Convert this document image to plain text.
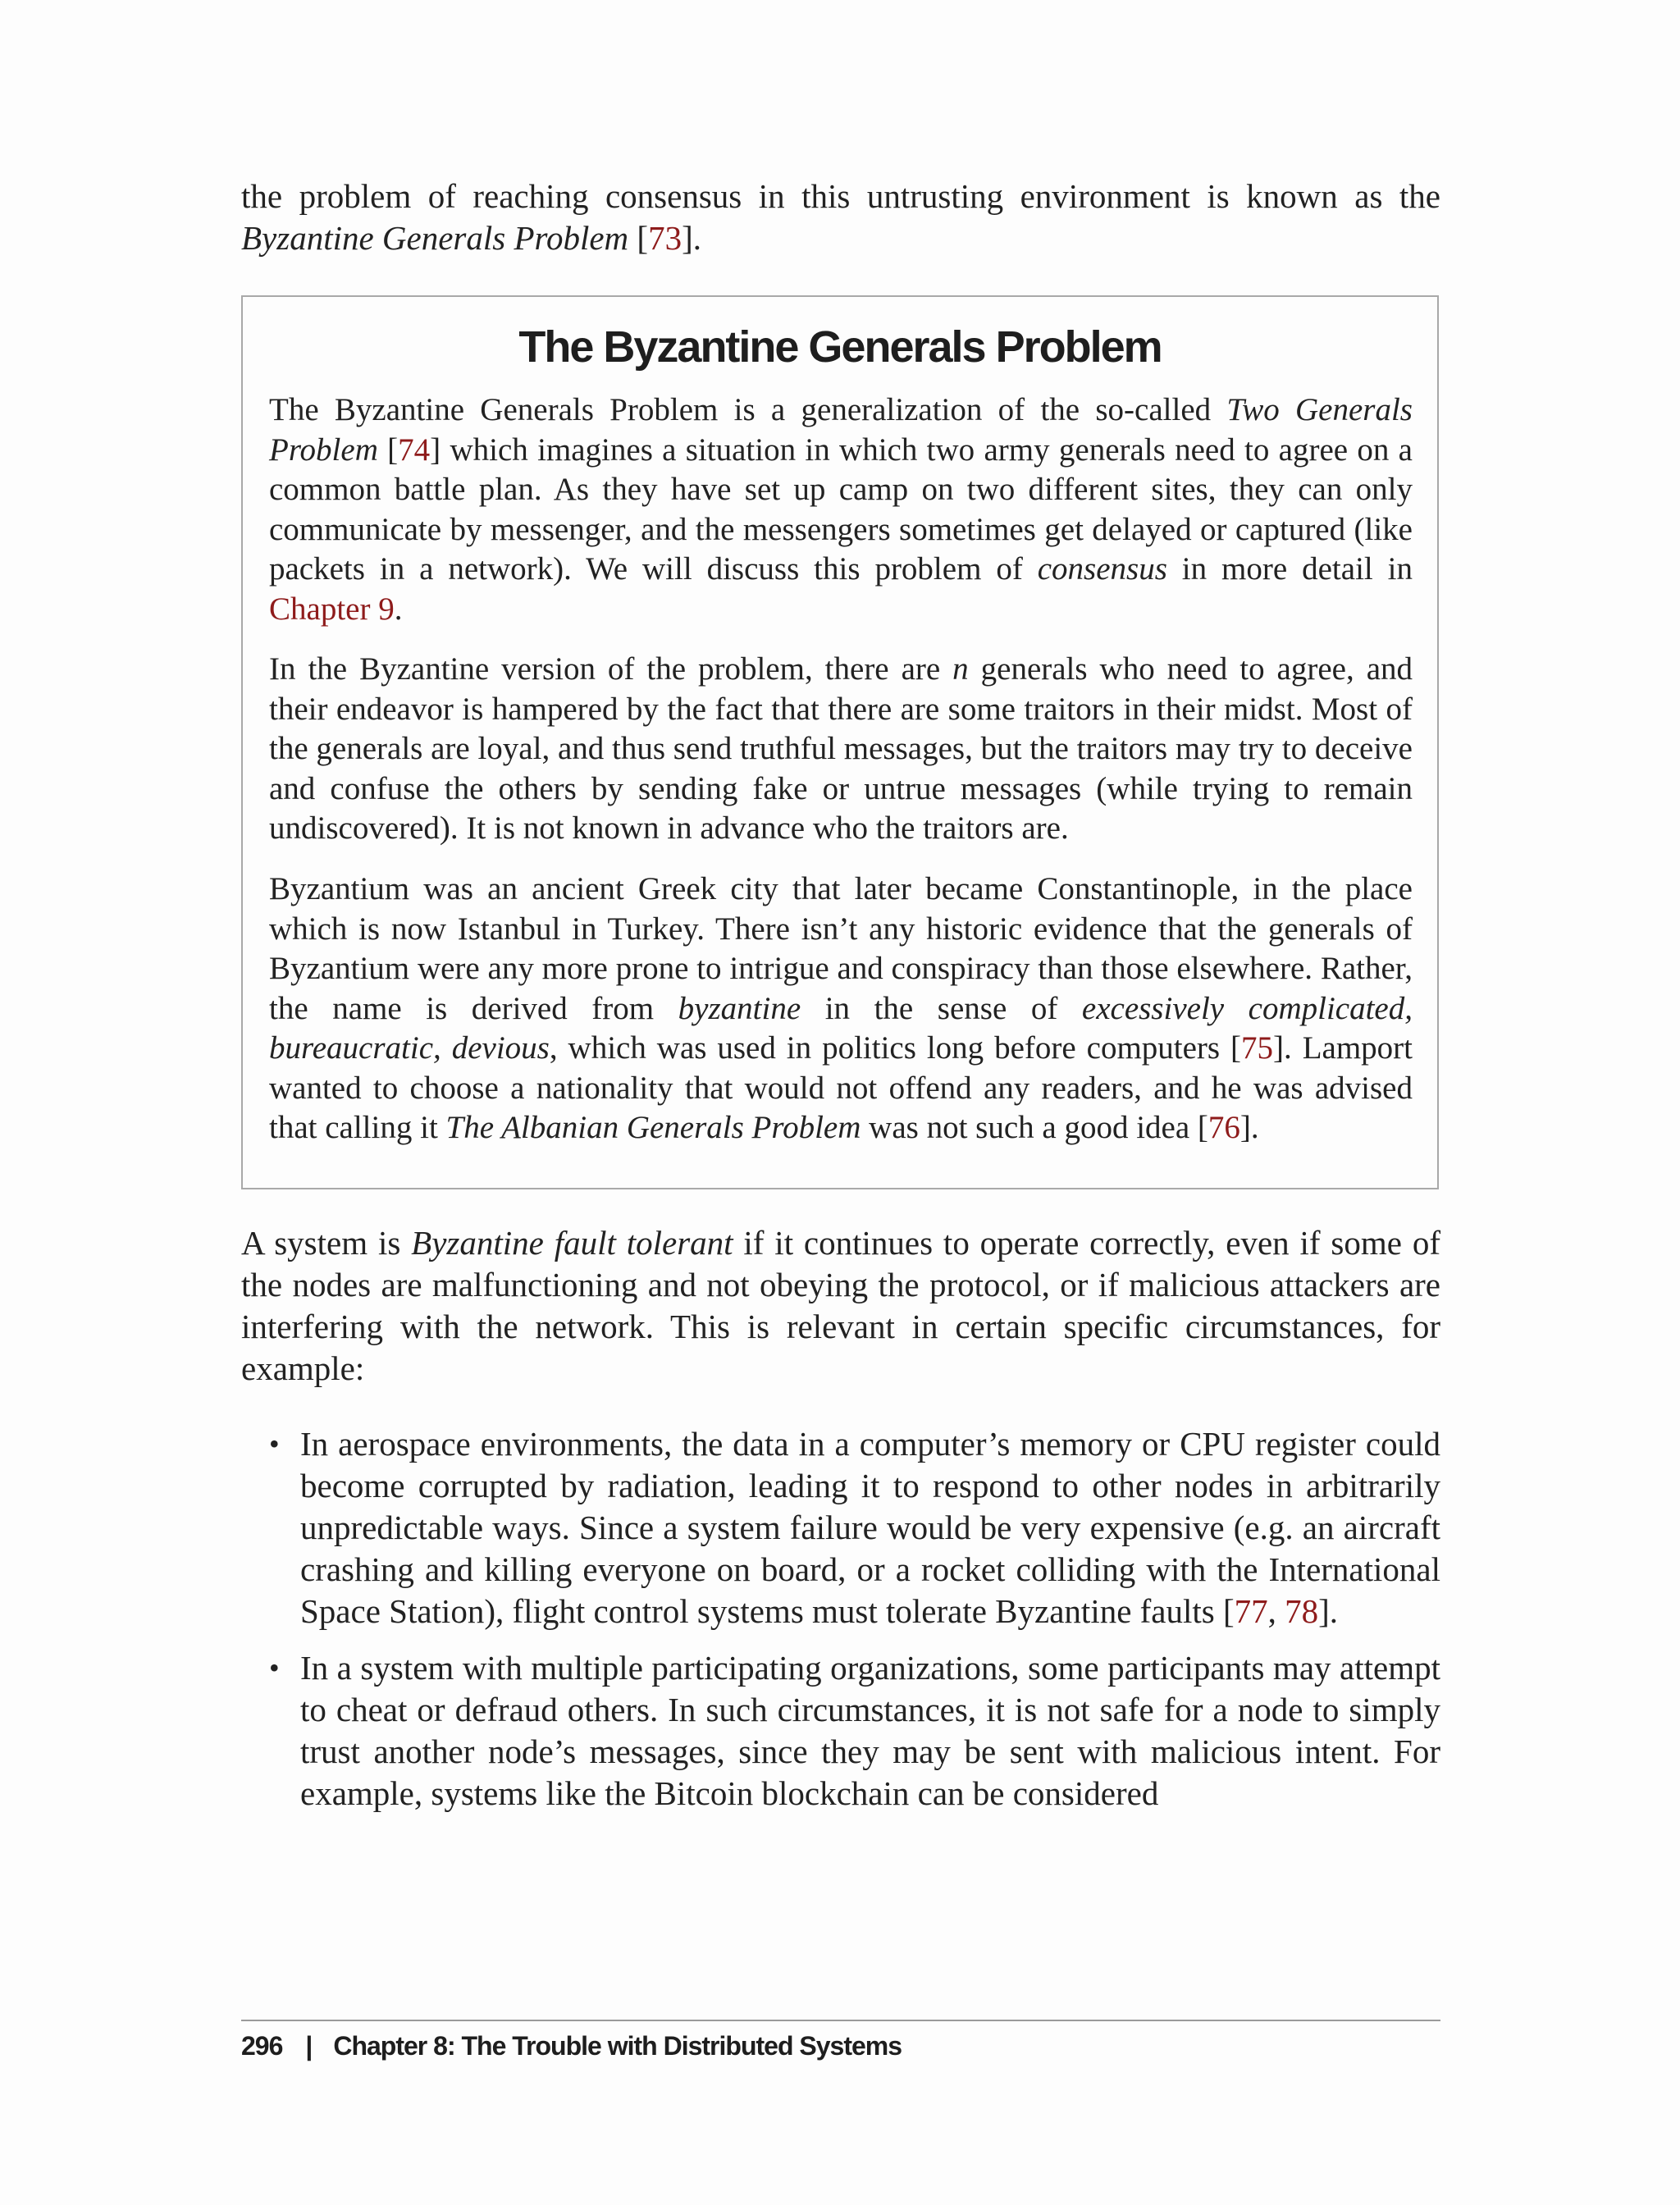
the problem of reaching consensus in this untrusting environment is known as the Byzantine Generals Problem [73].

The Byzantine Generals Problem

The Byzantine Generals Problem is a generalization of the so-called Two Generals Problem [74] which imagines a situation in which two army generals need to agree on a common battle plan. As they have set up camp on two different sites, they can only communicate by messenger, and the messengers sometimes get delayed or captured (like packets in a network). We will discuss this problem of consensus in more detail in Chapter 9.

In the Byzantine version of the problem, there are n generals who need to agree, and their endeavor is hampered by the fact that there are some traitors in their midst. Most of the generals are loyal, and thus send truthful messages, but the traitors may try to deceive and confuse the others by sending fake or untrue messages (while trying to remain undiscovered). It is not known in advance who the traitors are.

Byzantium was an ancient Greek city that later became Constantinople, in the place which is now Istanbul in Turkey. There isn’t any historic evidence that the generals of Byzantium were any more prone to intrigue and conspiracy than those elsewhere. Rather, the name is derived from byzantine in the sense of excessively complicated, bureaucratic, devious, which was used in politics long before computers [75]. Lamport wanted to choose a nationality that would not offend any readers, and he was advised that calling it The Albanian Generals Problem was not such a good idea [76].

A system is Byzantine fault tolerant if it continues to operate correctly, even if some of the nodes are malfunctioning and not obeying the protocol, or if malicious attackers are interfering with the network. This is relevant in certain specific circumstances, for example:

• In aerospace environments, the data in a computer’s memory or CPU register could become corrupted by radiation, leading it to respond to other nodes in arbitrarily unpredictable ways. Since a system failure would be very expensive (e.g. an aircraft crashing and killing everyone on board, or a rocket colliding with the International Space Station), flight control systems must tolerate Byzantine faults [77, 78].
• In a system with multiple participating organizations, some participants may attempt to cheat or defraud others. In such circumstances, it is not safe for a node to simply trust another node’s messages, since they may be sent with malicious intent. For example, systems like the Bitcoin blockchain can be considered
296 | Chapter 8: The Trouble with Distributed Systems
